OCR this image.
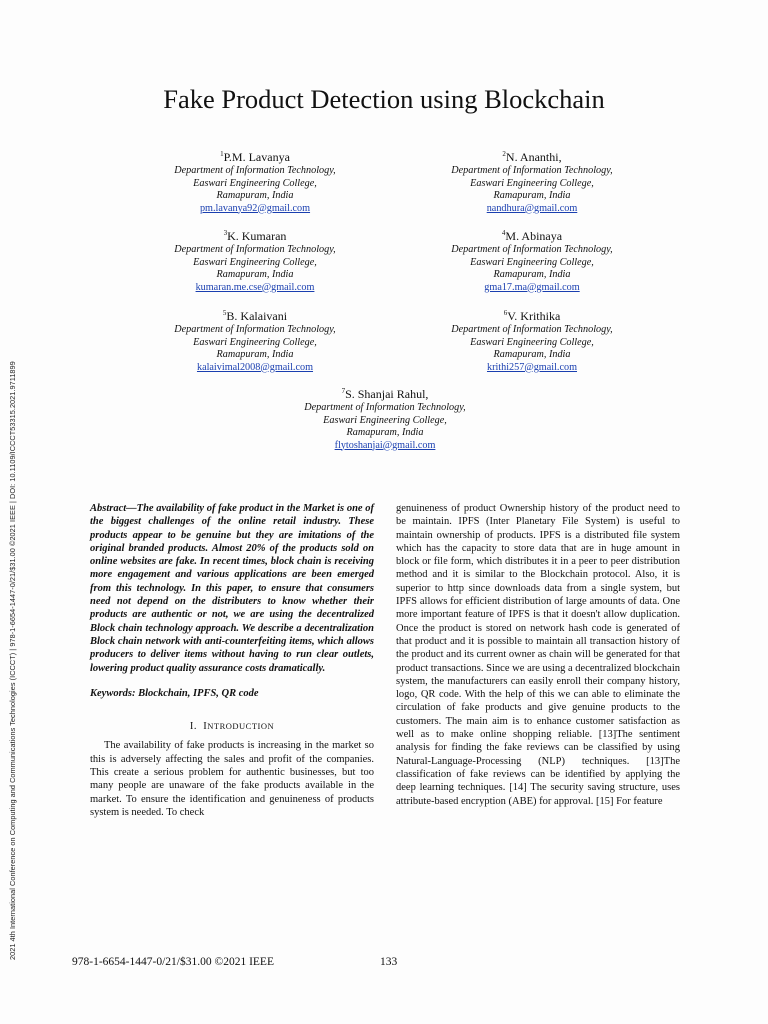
2021 4th International Conference on Computing and Communications Technologies (ICCCT) | 978-1-6654-1447-0/21/$31.00 ©2021 IEEE | DOI: 10.1109/ICCCT53315.2021.9711899
Fake Product Detection using Blockchain
$^1$P.M. Lavanya
Department of Information Technology,
Easwari Engineering College,
Ramapuram, India
pm.lavanya92@gmail.com
$^2$N. Ananthi,
Department of Information Technology,
Easwari Engineering College,
Ramapuram, India
nandhura@gmail.com
$^3$K. Kumaran
Department of Information Technology,
Easwari Engineering College,
Ramapuram, India
kumaran.me.cse@gmail.com
$^4$M. Abinaya
Department of Information Technology,
Easwari Engineering College,
Ramapuram, India
gma17.ma@gmail.com
$^5$B. Kalaivani
Department of Information Technology,
Easwari Engineering College,
Ramapuram, India
kalaivimal2008@gmail.com
$^6$V. Krithika
Department of Information Technology,
Easwari Engineering College,
Ramapuram, India
krithi257@gmail.com
$^7$S. Shanjai Rahul,
Department of Information Technology,
Easwari Engineering College,
Ramapuram, India
flytoshanjai@gmail.com

Abstract—The availability of fake product in the Market is one of the biggest challenges of the online retail industry. These products appear to be genuine but they are imitations of the original branded products. Almost 20% of the products sold on online websites are fake. In recent times, block chain is receiving more engagement and various applications are been emerged from this technology. In this paper, to ensure that consumers need not depend on the distributers to know whether their products are authentic or not, we are using the decentralized Block chain technology approach. We describe a decentralization Block chain network with anti-counterfeiting items, which allows producers to deliver items without having to run clear outlets, lowering product quality assurance costs dramatically.

Keywords: Blockchain, IPFS, QR code

I. INTRODUCTION

The availability of fake products is increasing in the market so this is adversely affecting the sales and profit of the companies. This create a serious problem for authentic businesses, but too many people are unaware of the fake products available in the market. To ensure the identification and genuineness of products system is needed. To check

genuineness of product Ownership history of the product need to be maintain. IPFS (Inter Planetary File System) is useful to maintain ownership of products. IPFS is a distributed file system which has the capacity to store data that are in huge amount in block or file form, which distributes it in a peer to peer distribution method and it is similar to the Blockchain protocol. Also, it is superior to http since downloads data from a single system, but IPFS allows for efficient distribution of large amounts of data. One more important feature of IPFS is that it doesn't allow duplication. Once the product is stored on network hash code is generated of that product and it is possible to maintain all transaction history of the product and its current owner as chain will be generated for that product transactions. Since we are using a decentralized blockchain system, the manufacturers can easily enroll their company history, logo, QR code. With the help of this we can able to eliminate the circulation of fake products and give genuine products to the customers. The main aim is to enhance customer satisfaction as well as to make online shopping reliable. [13]The sentiment analysis for finding the fake reviews can be classified by using Natural-Language-Processing (NLP) techniques. [13]The classification of fake reviews can be identified by applying the deep learning techniques. [14] The security saving structure, uses attribute-based encryption (ABE) for approval. [15] For feature

978-1-6654-1447-0/21/$31.00 ©2021 IEEE	133
